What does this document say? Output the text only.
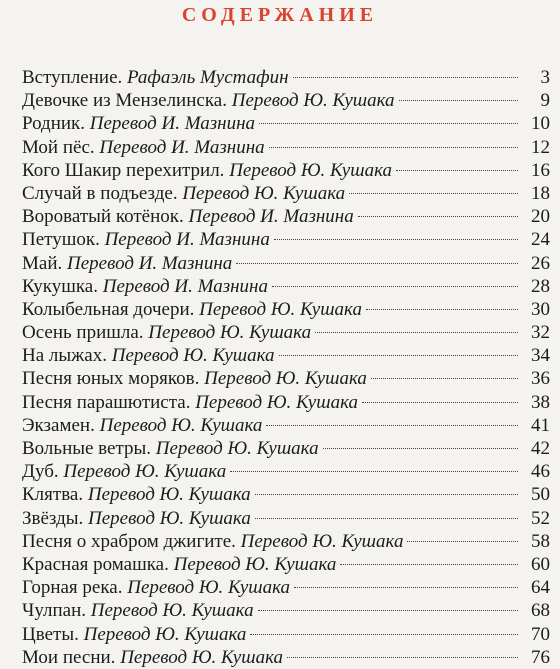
СОДЕРЖАНИЕ
Вступление. Рафаэль Мустафин	3
Девочке из Мензелинска. Перевод Ю. Кушака	9
Родник. Перевод И. Мазнина	10
Мой пёс. Перевод И. Мазнина	12
Кого Шакир перехитрил. Перевод Ю. Кушака	16
Случай в подъезде. Перевод Ю. Кушака	18
Вороватый котёнок. Перевод И. Мазнина	20
Петушок. Перевод И. Мазнина	24
Май. Перевод И. Мазнина	26
Кукушка. Перевод И. Мазнина	28
Колыбельная дочери. Перевод Ю. Кушака	30
Осень пришла. Перевод Ю. Кушака	32
На лыжах. Перевод Ю. Кушака	34
Песня юных моряков. Перевод Ю. Кушака	36
Песня парашютиста. Перевод Ю. Кушака	38
Экзамен. Перевод Ю. Кушака	41
Вольные ветры. Перевод Ю. Кушака	42
Дуб. Перевод Ю. Кушака	46
Клятва. Перевод Ю. Кушака	50
Звёзды. Перевод Ю. Кушака	52
Песня о храбром джигите. Перевод Ю. Кушака	58
Красная ромашка. Перевод Ю. Кушака	60
Горная река. Перевод Ю. Кушака	64
Чулпан. Перевод Ю. Кушака	68
Цветы. Перевод Ю. Кушака	70
Мои песни. Перевод Ю. Кушака	76
